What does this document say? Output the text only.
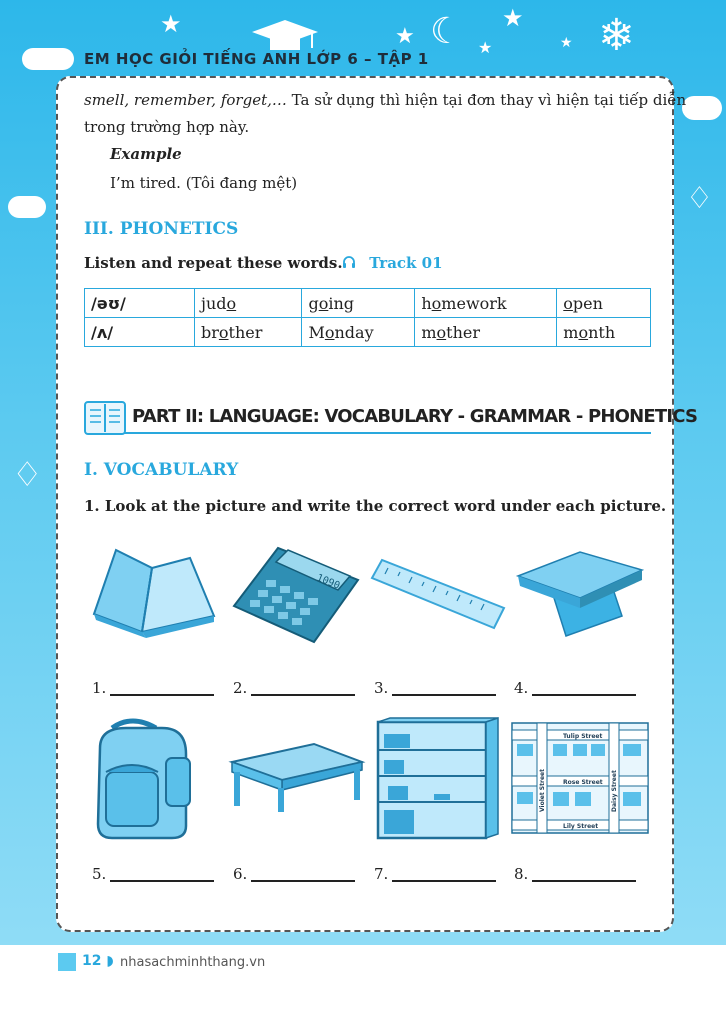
★	★
★
★	★
☾	❄
♢
♢
EM HỌC GIỎI TIẾNG ANH LỚP 6 – TẬP 1
smell, remember, forget,… Ta sử dụng thì hiện tại đơn thay vì hiện tại tiếp diễn
trong trường hợp này.
Example
I’m tired. (Tôi đang mệt)
III. PHONETICS
Listen and repeat these words.	Track 01
/əʊ/	judo	going	homework	open
/ʌ/	brother	Monday	mother	month
PART II: LANGUAGE: VOCABULARY - GRAMMAR - PHONETICS
I. VOCABULARY
1. Look at the picture and write the correct word under each picture.
1090
1.	2.	3.	4.
Tulip Street
Rose Street
Lily Street
Violet Street	Daisy Street
5.	6.	7.	8.
12 ◗ nhasachminhthang.vn
